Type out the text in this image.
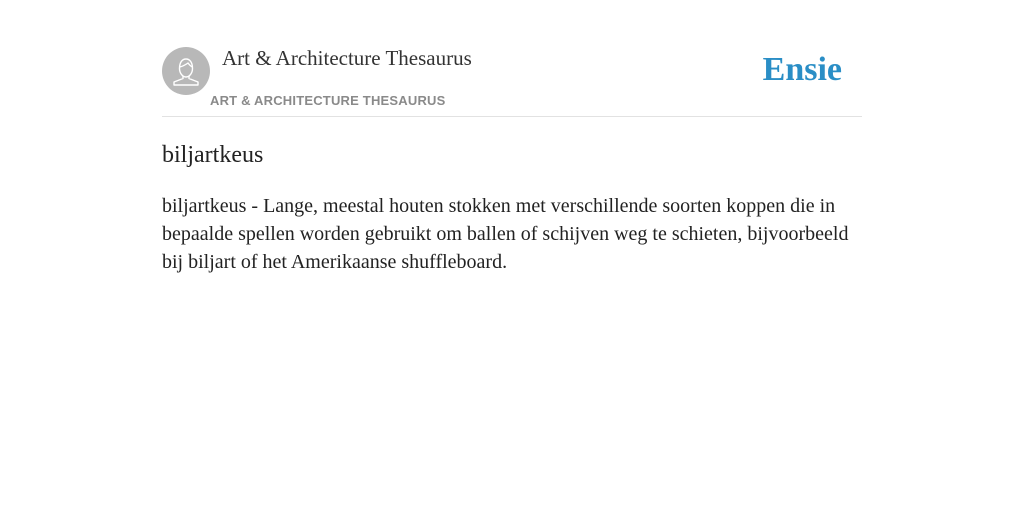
Art & Architecture Thesaurus
ART & ARCHITECTURE THESAURUS
Ensie
biljartkeus

biljartkeus - Lange, meestal houten stokken met verschillende soorten koppen die in bepaalde spellen worden gebruikt om ballen of schijven weg te schieten, bijvoorbeeld bij biljart of het Amerikaanse shuffleboard.
